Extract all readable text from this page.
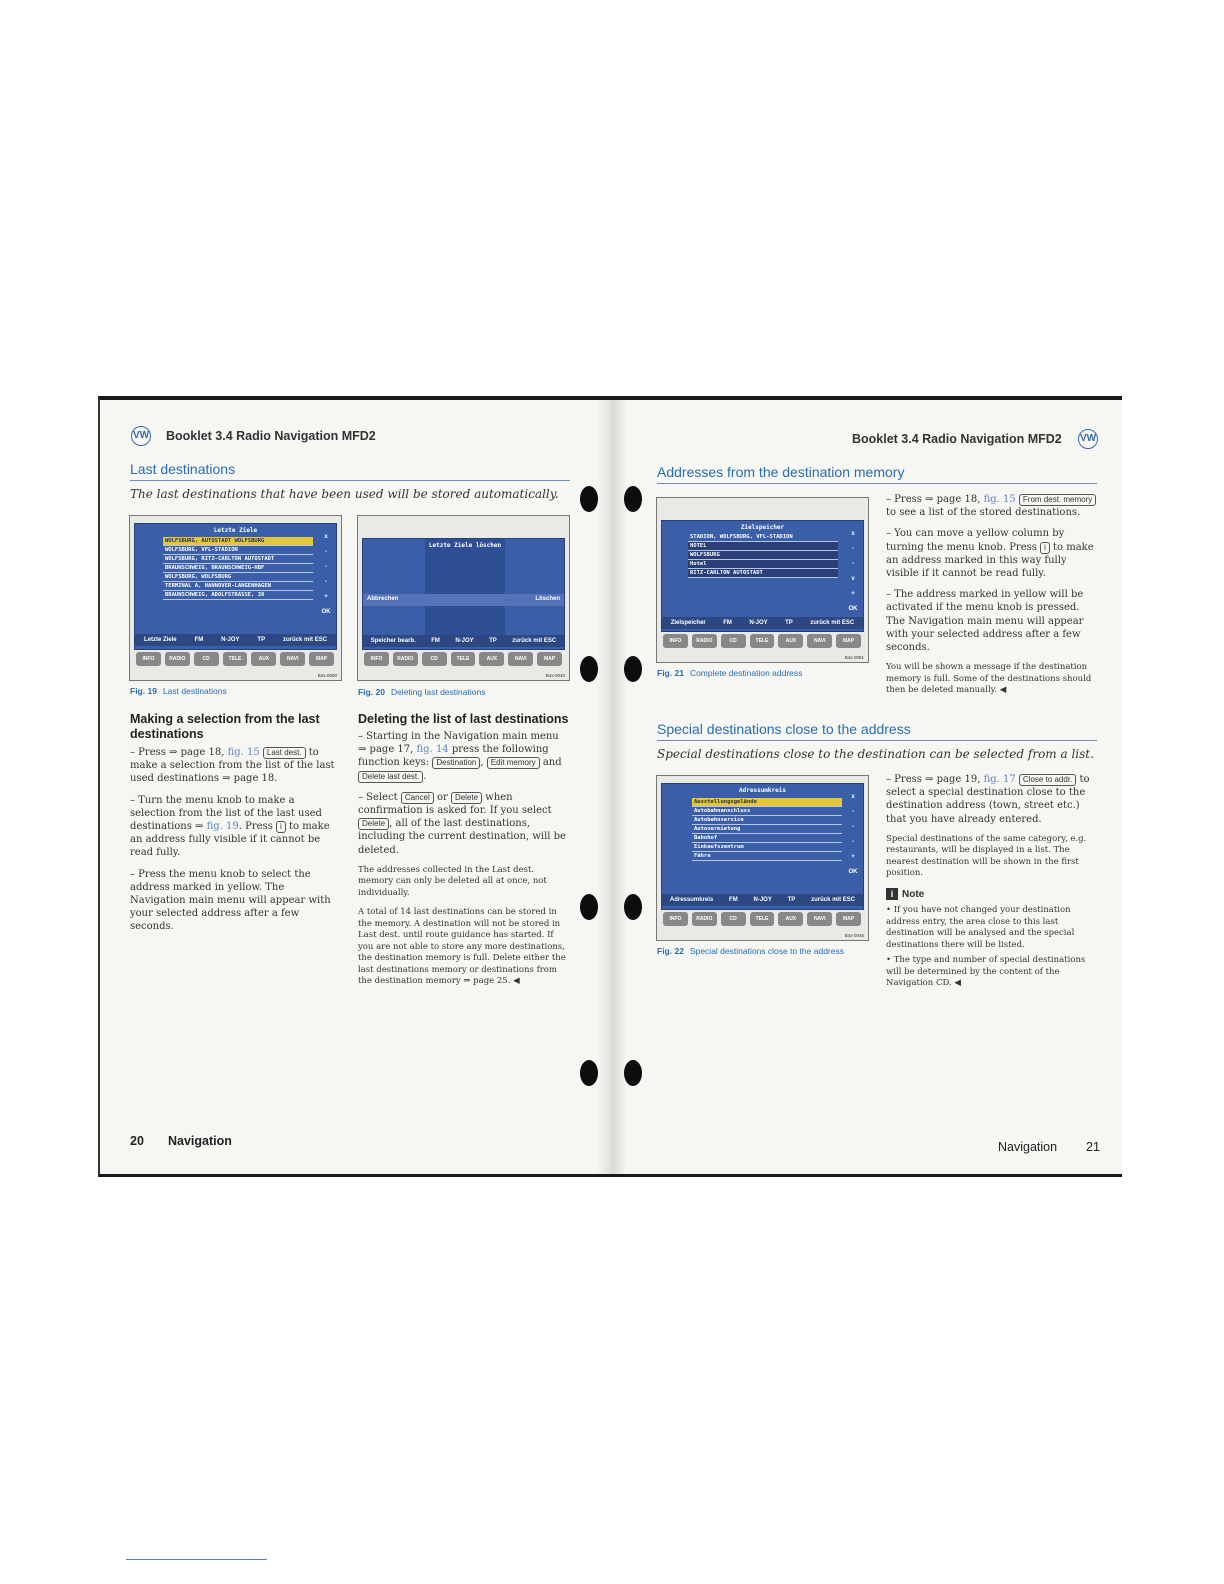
VW Booklet 3.4 Radio Navigation MFD2
Last destinations
The last destinations that have been used will be stored automatically.
Letzte Ziele
WOLFSBURG, AUTOSTADT WOLFSBURG
WOLFSBURG, VFL-STADION
WOLFSBURG, RITZ-CARLTON AUTOSTADT
BRAUNSCHWEIG, BRAUNSCHWEIG-HBF
WOLFSBURG, WOLFSBURG
TERMINAL A, HANNOVER-LANGENHAGEN
BRAUNSCHWEIG, ADOLFSTRASSE, 38
x
-
-
-
+
OK
Letzte Ziele	FM	N-JOY	TP	zurück mit ESC
INFO	RADIO	CD	TELE	AUX	NAVI	MAP
B4x-0080
Fig. 19 Last destinations
Letzte Ziele löschen
Abbrechen	Löschen
Speicher bearb.	FM	N-JOY	TP	zurück mit ESC
INFO	RADIO	CD	TELE	AUX	NAVI	MAP
B4x-0040
Fig. 20 Deleting last destinations
Making a selection from the last destinations

– Press ⇒ page 18, fig. 15 Last dest. to make a selection from the list of the last used destinations ⇒ page 18.

– Turn the menu knob to make a selection from the list of the last used destinations ⇒ fig. 19. Press i to make an address fully visible if it cannot be read fully.

– Press the menu knob to select the address marked in yellow. The Navigation main menu will appear with your selected address after a few seconds.

Deleting the list of last destinations

– Starting in the Navigation main menu ⇒ page 17, fig. 14 press the following function keys: Destination , Edit memory and Delete last dest. .

– Select Cancel or Delete when confirmation is asked for. If you select Delete , all of the last destinations, including the current destination, will be deleted.

The addresses collected in the Last dest. memory can only be deleted all at once, not individually.

A total of 14 last destinations can be stored in the memory. A destination will not be stored in Last dest. until route guidance has started. If you are not able to store any more destinations, the destination memory is full. Delete either the last destinations memory or destinations from the destination memory ⇒ page 25. ◀

20 Navigation
Booklet 3.4 Radio Navigation MFD2 VW
Addresses from the destination memory
Zielspeicher
STADION, WOLFSBURG, VFL-STADION
HOTEL
WOLFSBURG
Hotel
RITZ-CARLTON AUTOSTADT
x
-
-
v
+
OK
Zielspeicher	FM	N-JOY	TP	zurück mit ESC
INFO	RADIO	CD	TELE	AUX	NAVI	MAP
B4x-0081
Fig. 21 Complete destination address

– Press ⇒ page 18, fig. 15 From dest. memory to see a list of the stored destinations.

– You can move a yellow column by turning the menu knob. Press i to make an address marked in this way fully visible if it cannot be read fully.

– The address marked in yellow will be activated if the menu knob is pressed. The Navigation main menu will appear with your selected address after a few seconds.

You will be shown a message if the destination memory is full. Some of the destinations should then be deleted manually. ◀

Special destinations close to the address
Special destinations close to the destination can be selected from a list.
Adressumkreis
Ausstellungsgelände
Autobahnanschluss
Autobahnservice
Autovermietung
Bahnhof
Einkaufszentrum
Fähre
x
-
-
-
+
OK
Adressumkreis	FM	N-JOY	TP	zurück mit ESC
INFO	RADIO	CD	TELE	AUX	NAVI	MAP
B4x-0045
Fig. 22 Special destinations close to the address

– Press ⇒ page 19, fig. 17 Close to addr. to select a special destination close to the destination address (town, street etc.) that you have already entered.

Special destinations of the same category, e.g. restaurants, will be displayed in a list. The nearest destination will be shown in the first position.

i Note

• If you have not changed your destination address entry, the area close to this last destination will be analysed and the special destinations there will be listed.

• The type and number of special destinations will be determined by the content of the Navigation CD. ◀

Navigation 21
